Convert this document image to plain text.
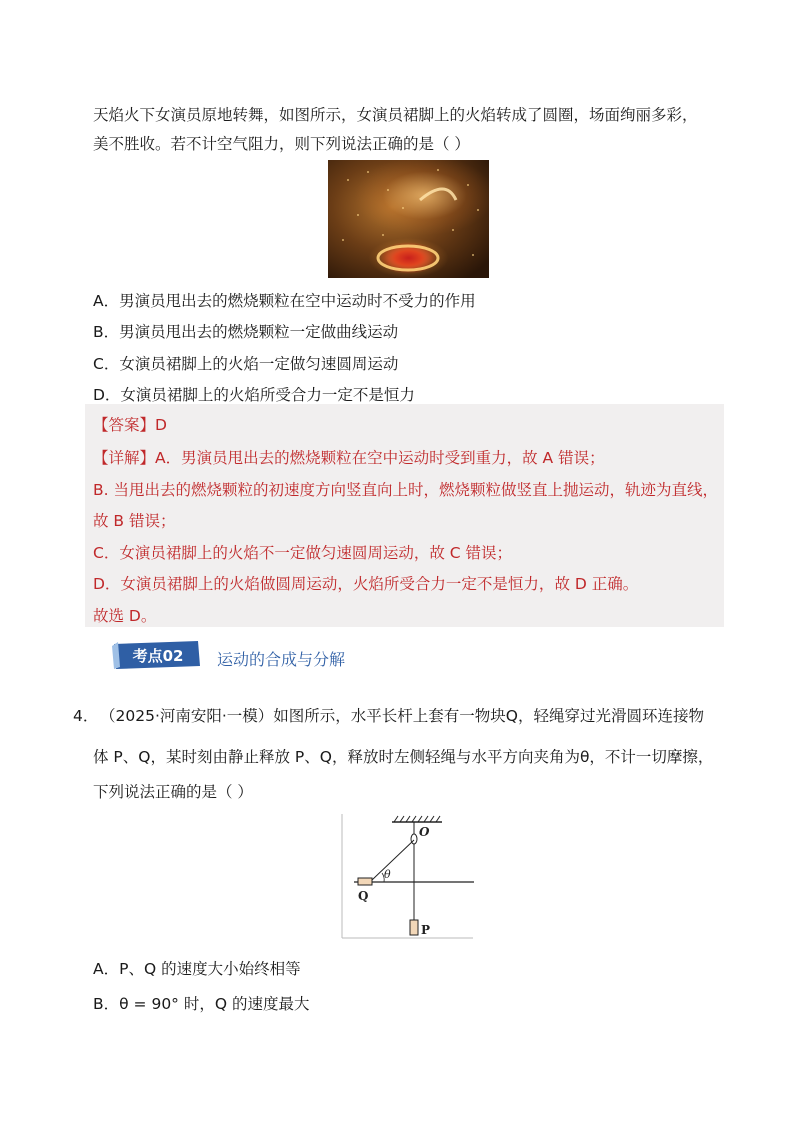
天焰火下女演员原地转舞，如图所示，女演员裙脚上的火焰转成了圆圈，场面绚丽多彩，
美不胜收。若不计空气阻力，则下列说法正确的是（ ）
A．男演员甩出去的燃烧颗粒在空中运动时不受力的作用
B．男演员甩出去的燃烧颗粒一定做曲线运动
C．女演员裙脚上的火焰一定做匀速圆周运动
D．女演员裙脚上的火焰所受合力一定不是恒力
【答案】D
【详解】A．男演员甩出去的燃烧颗粒在空中运动时受到重力，故 A 错误；
B. 当甩出去的燃烧颗粒的初速度方向竖直向上时，燃烧颗粒做竖直上抛运动，轨迹为直线，
故 B 错误；
C．女演员裙脚上的火焰不一定做匀速圆周运动，故 C 错误；
D．女演员裙脚上的火焰做圆周运动，火焰所受合力一定不是恒力，故 D 正确。
故选 D。
考点02 运动的合成与分解
4． （2025·河南安阳·一模）如图所示，水平长杆上套有一物块Q，轻绳穿过光滑圆环连接物
体 P、Q，某时刻由静止释放 P、Q，释放时左侧轻绳与水平方向夹角为θ，不计一切摩擦，
下列说法正确的是（ ）
O
θ
Q
P
A．P、Q 的速度大小始终相等
B．θ = 90° 时，Q 的速度最大
